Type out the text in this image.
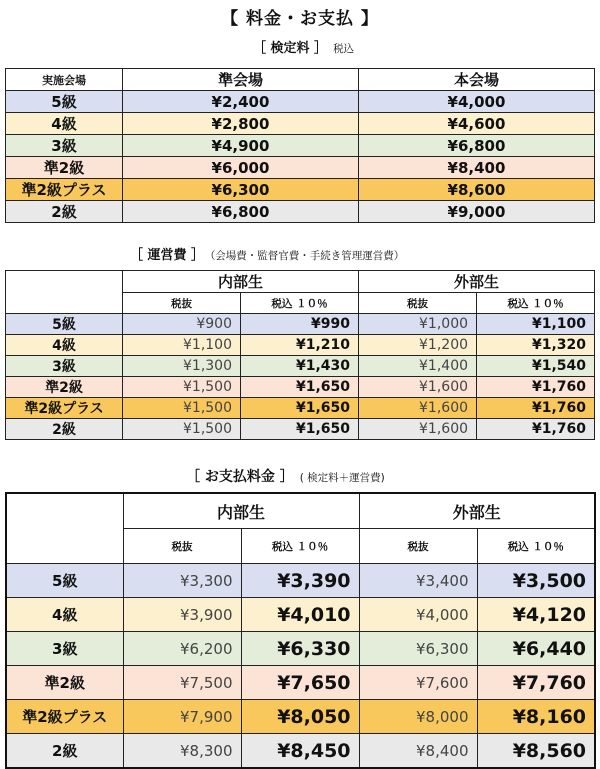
【 料金・お支払 】
［ 検定料 ］ 税込
実施会場	準会場	本会場
5級	¥2,400	¥4,000
4級	¥2,800	¥4,600
3級	¥4,900	¥6,800
準2級	¥6,000	¥8,400
準2級プラス	¥6,300	¥8,600
2級	¥6,800	¥9,000
［ 運営費 ］ （会場費・監督官費・手続き管理運営費）
	内部生		外部生	
	税抜	税込 １０％	税抜	税込 １０％
5級	¥900	¥990	¥1,000	¥1,100
4級	¥1,100	¥1,210	¥1,200	¥1,320
3級	¥1,300	¥1,430	¥1,400	¥1,540
準2級	¥1,500	¥1,650	¥1,600	¥1,760
準2級プラス	¥1,500	¥1,650	¥1,600	¥1,760
2級	¥1,500	¥1,650	¥1,600	¥1,760
［ お支払料金 ］ ( 検定料＋運営費)
	内部生		外部生	
	税抜	税込 １０％	税抜	税込 １０％
5級	¥3,300	¥3,390	¥3,400	¥3,500
4級	¥3,900	¥4,010	¥4,000	¥4,120
3級	¥6,200	¥6,330	¥6,300	¥6,440
準2級	¥7,500	¥7,650	¥7,600	¥7,760
準2級プラス	¥7,900	¥8,050	¥8,000	¥8,160
2級	¥8,300	¥8,450	¥8,400	¥8,560
